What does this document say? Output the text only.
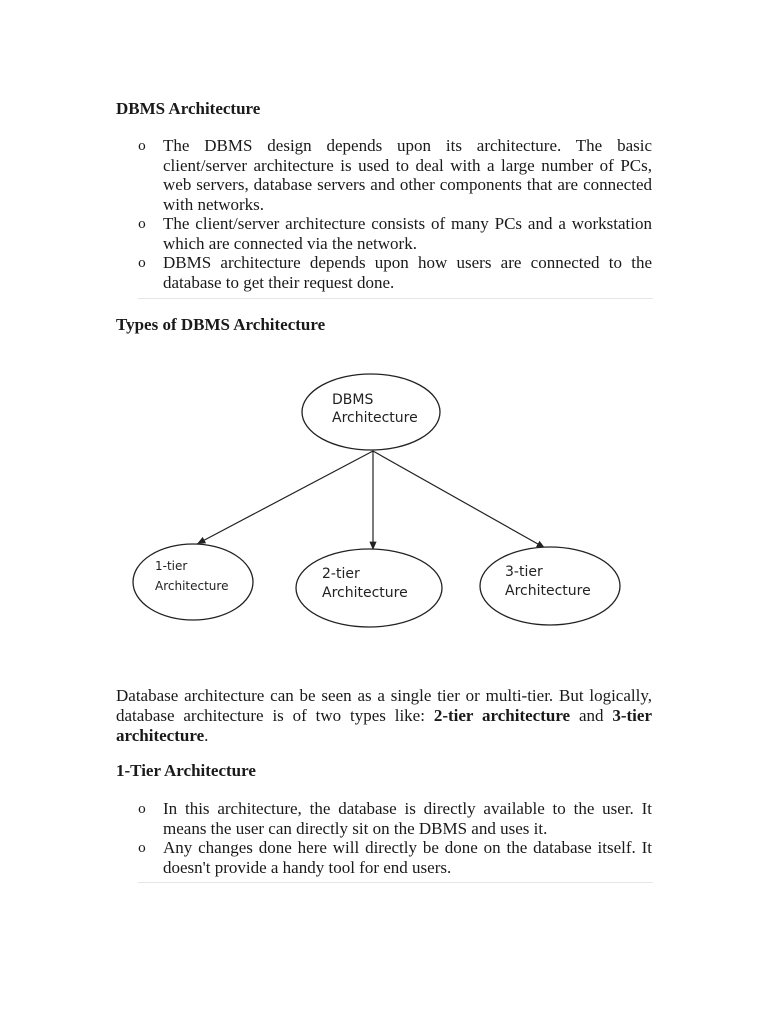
DBMS Architecture
o The DBMS design depends upon its architecture. The basic client/server architecture is used to deal with a large number of PCs, web servers, database servers and other components that are connected with networks.
o The client/server architecture consists of many PCs and a workstation which are connected via the network.
o DBMS architecture depends upon how users are connected to the database to get their request done.
Types of DBMS Architecture
DBMS
Architecture
1-tier
Architecture
2-tier
Architecture
3-tier
Architecture

Database architecture can be seen as a single tier or multi-tier. But logically, database architecture is of two types like: 2-tier architecture and 3-tier architecture.

1-Tier Architecture
o In this architecture, the database is directly available to the user. It means the user can directly sit on the DBMS and uses it.
o Any changes done here will directly be done on the database itself. It doesn't provide a handy tool for end users.
